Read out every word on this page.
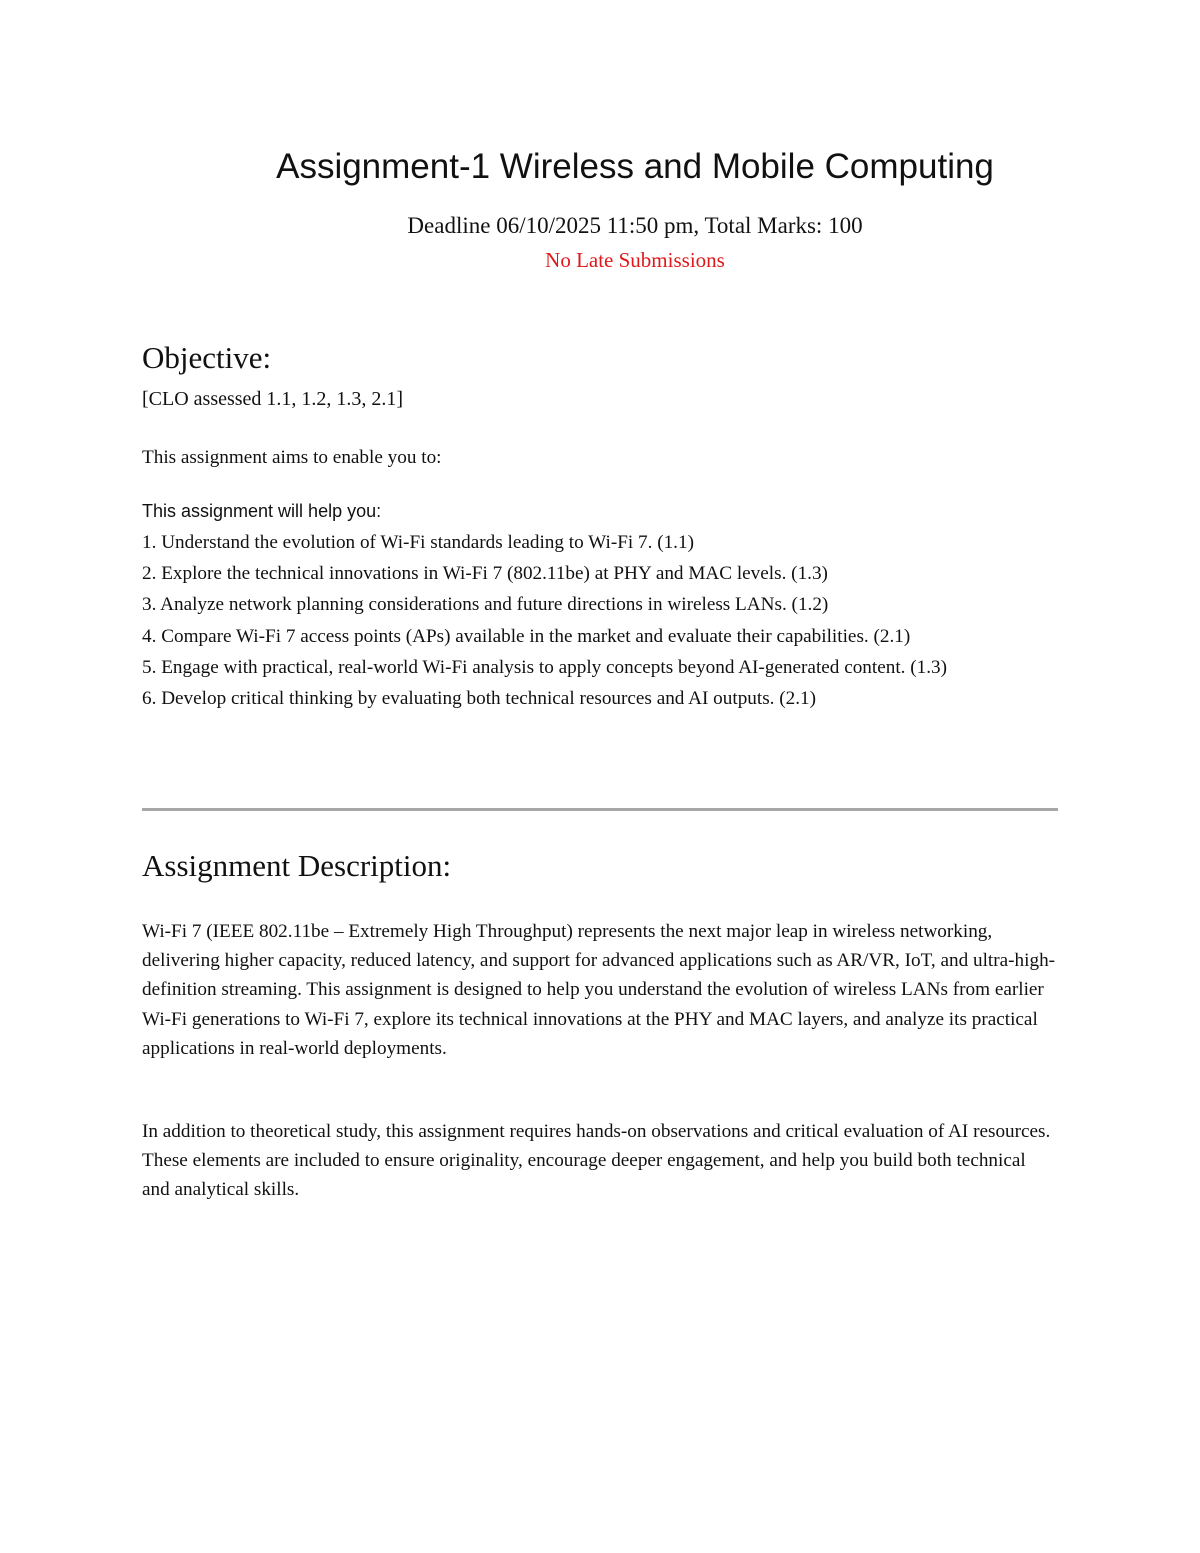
Assignment-1 Wireless and Mobile Computing
Deadline 06/10/2025 11:50 pm, Total Marks: 100
No Late Submissions
Objective:
[CLO assessed 1.1, 1.2, 1.3, 2.1]
This assignment aims to enable you to:
This assignment will help you:
1. Understand the evolution of Wi-Fi standards leading to Wi-Fi 7. (1.1)
2. Explore the technical innovations in Wi-Fi 7 (802.11be) at PHY and MAC levels. (1.3)
3. Analyze network planning considerations and future directions in wireless LANs. (1.2)
4. Compare Wi-Fi 7 access points (APs) available in the market and evaluate their capabilities. (2.1)
5. Engage with practical, real-world Wi-Fi analysis to apply concepts beyond AI-generated content. (1.3)
6. Develop critical thinking by evaluating both technical resources and AI outputs. (2.1)
Assignment Description:

Wi-Fi 7 (IEEE 802.11be – Extremely High Throughput) represents the next major leap in wireless networking, delivering higher capacity, reduced latency, and support for advanced applications such as AR/VR, IoT, and ultra-high-definition streaming. This assignment is designed to help you understand the evolution of wireless LANs from earlier Wi-Fi generations to Wi-Fi 7, explore its technical innovations at the PHY and MAC layers, and analyze its practical applications in real-world deployments.

In addition to theoretical study, this assignment requires hands-on observations and critical evaluation of AI resources. These elements are included to ensure originality, encourage deeper engagement, and help you build both technical and analytical skills.
